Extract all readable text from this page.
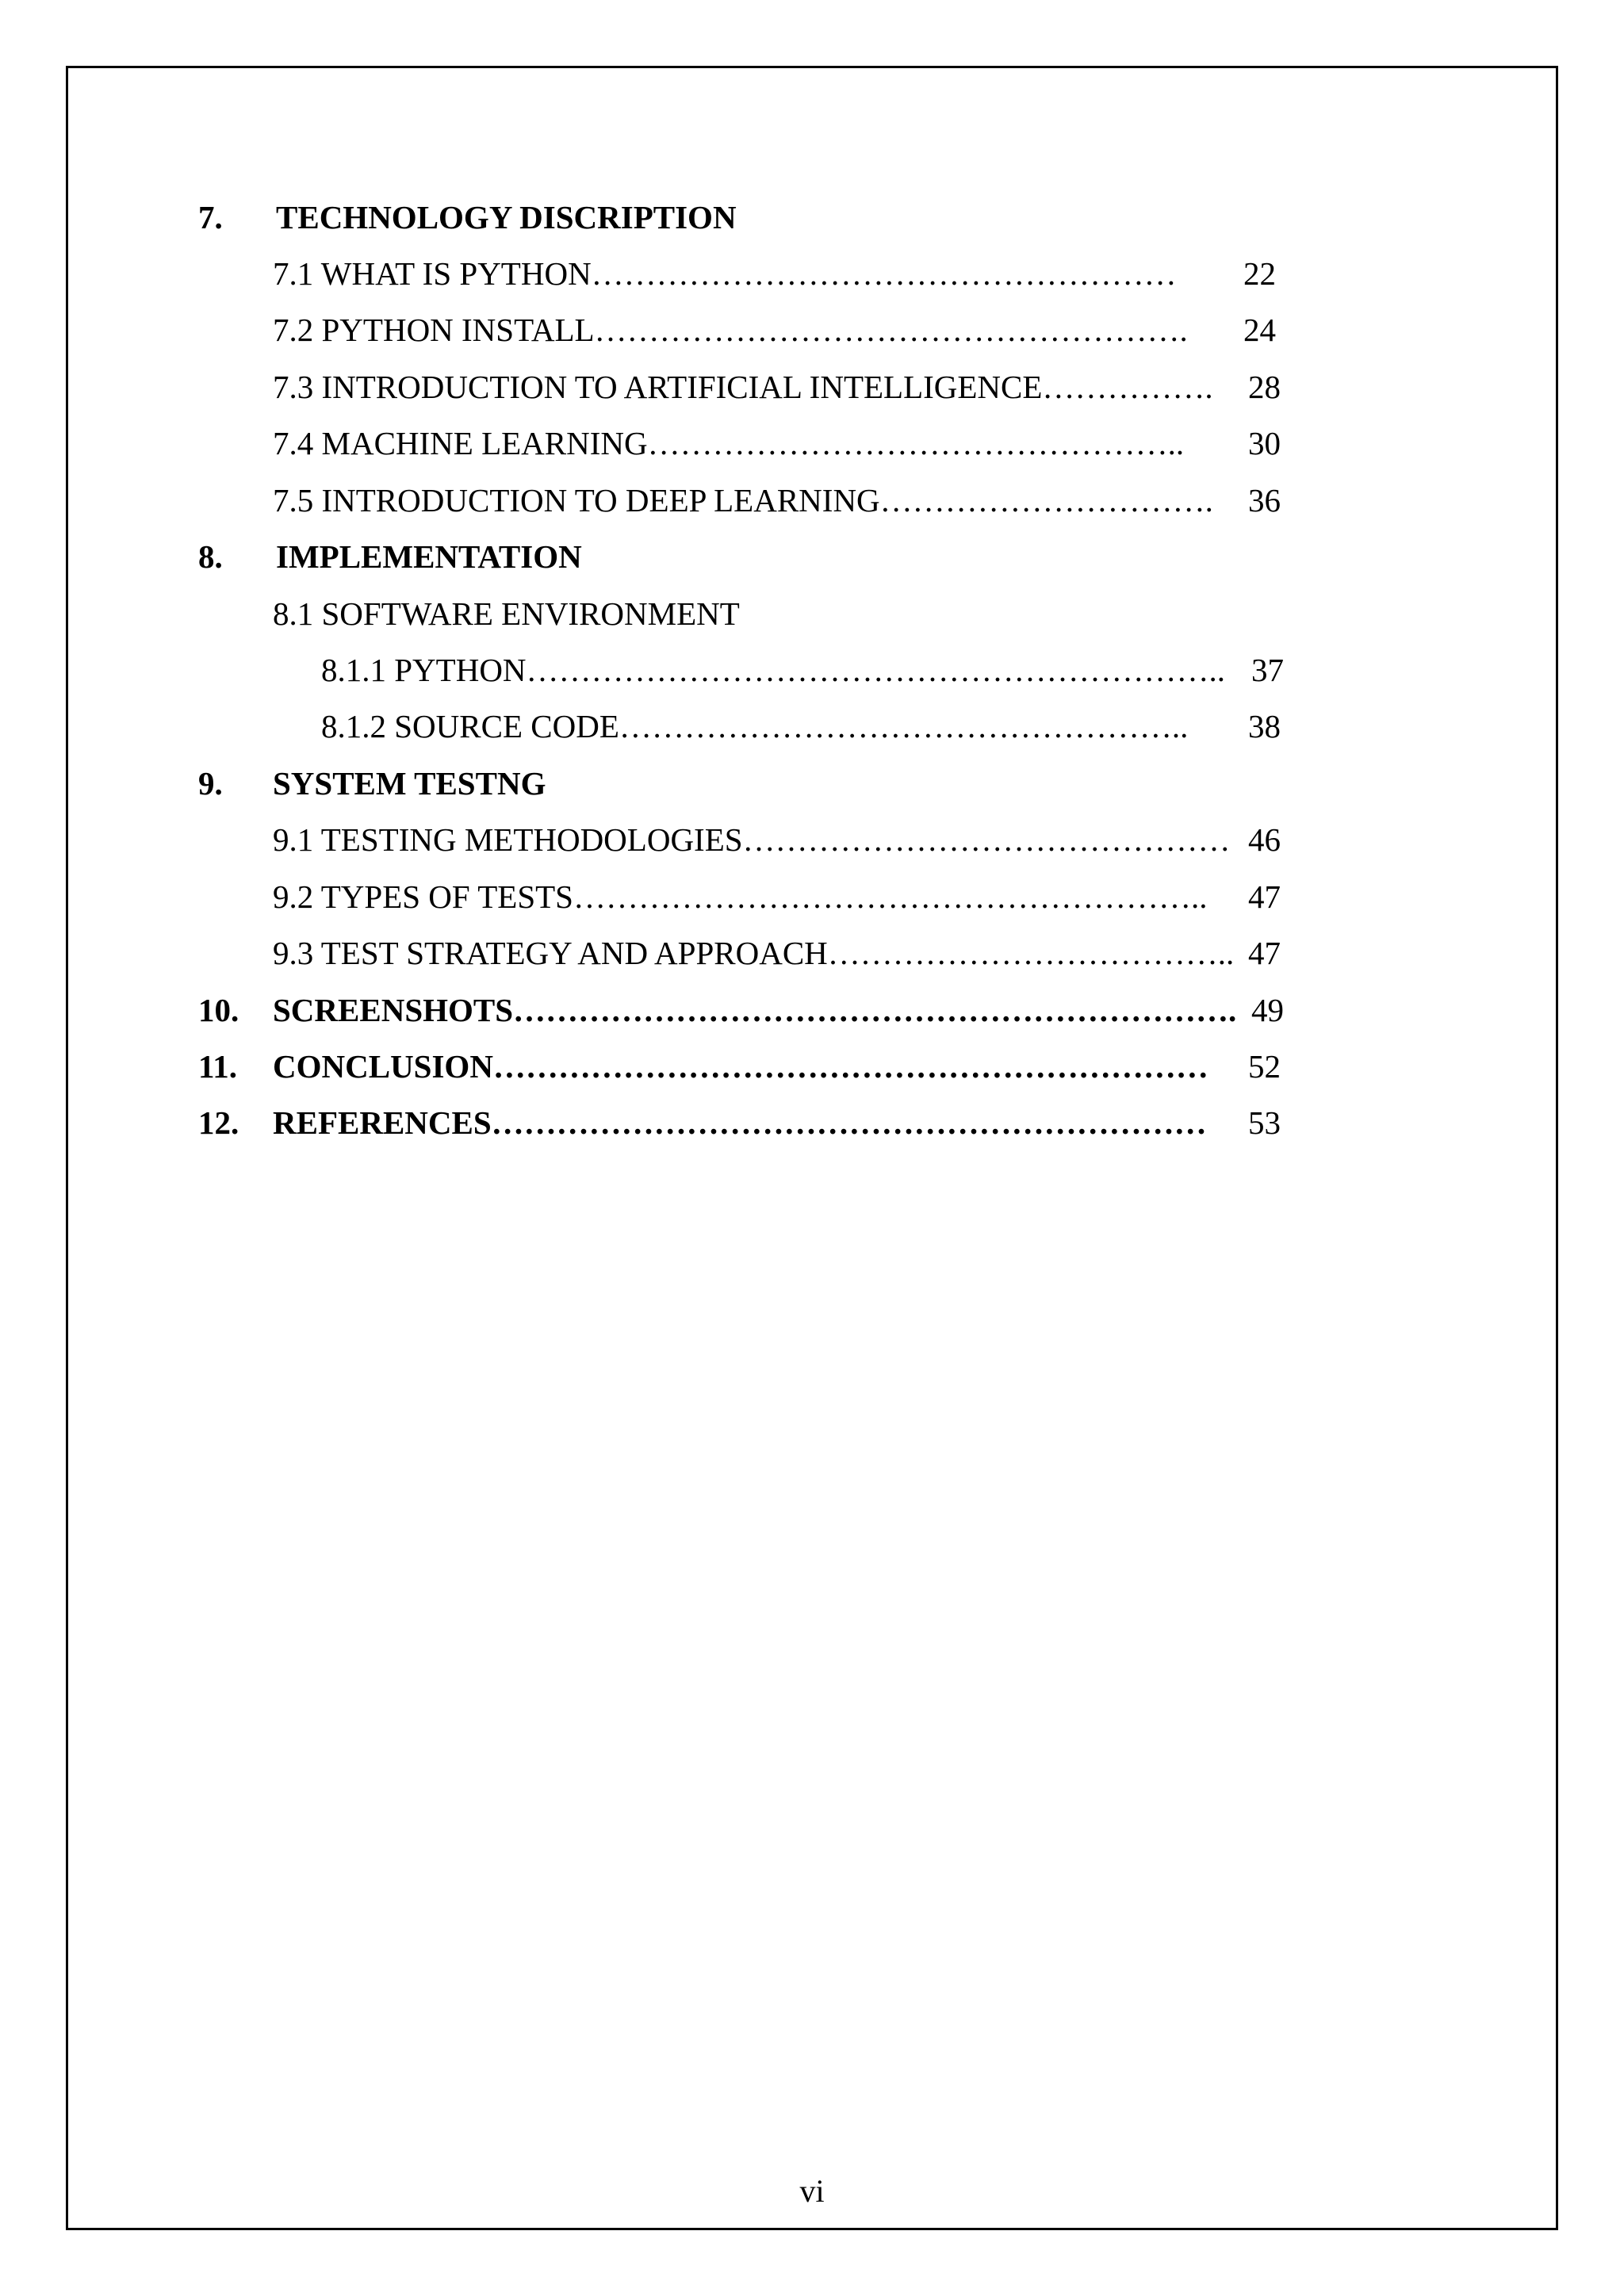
7. TECHNOLOGY DISCRIPTION
7.1 WHAT IS PYTHON……………………………………………… 22
7.2 PYTHON INSTALL………………………………………………. 24
7.3 INTRODUCTION TO ARTIFICIAL INTELLIGENCE……………. 28
7.4 MACHINE LEARNING………………………………………….. 30
7.5 INTRODUCTION TO DEEP LEARNING…………………………. 36
8. IMPLEMENTATION
8.1 SOFTWARE ENVIRONMENT
8.1.1 PYTHON……………………………………………………….. 37
8.1.2 SOURCE CODE…………………………………………….. 38
9. SYSTEM TESTNG
9.1 TESTING METHODOLOGIES……………………………………… 46
9.2 TYPES OF TESTS………………………………………………….. 47
9.3 TEST STRATEGY AND APPROACH……………………………….. 47
10. SCREENSHOTS…………………………………………………………. 49
11. CONCLUSION………………………………………………………… 52
12. REFERENCES………………………………………………………… 53
vi
